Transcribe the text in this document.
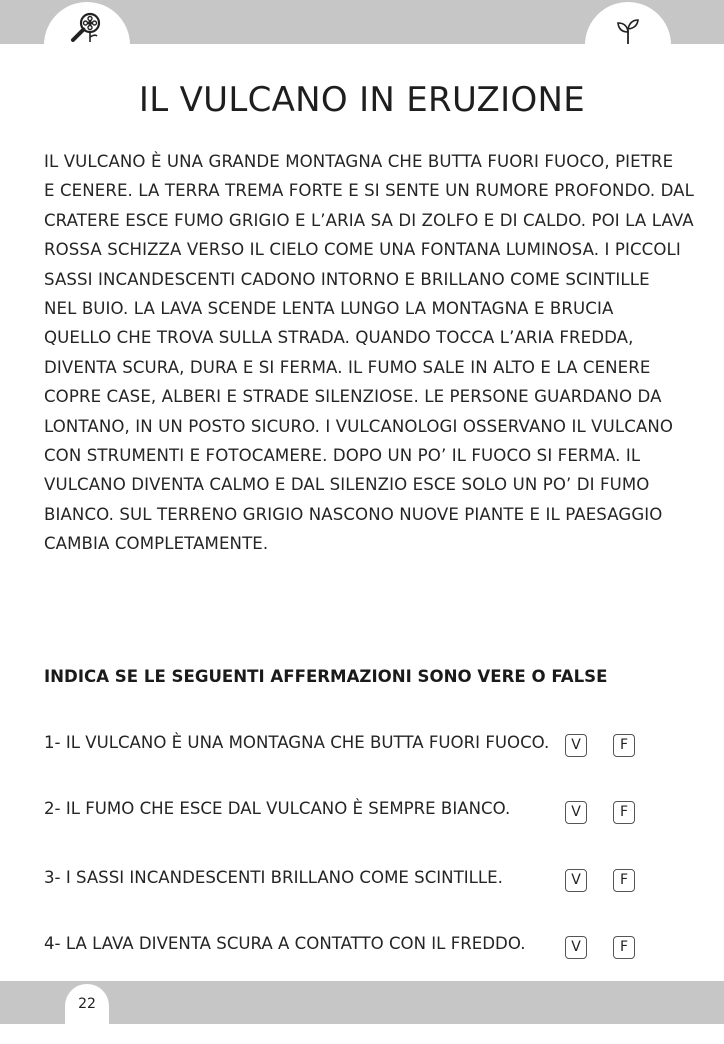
IL VULCANO IN ERUZIONE
IL VULCANO È UNA GRANDE MONTAGNA CHE BUTTA FUORI FUOCO, PIETRE
E CENERE. LA TERRA TREMA FORTE E SI SENTE UN RUMORE PROFONDO. DAL
CRATERE ESCE FUMO GRIGIO E L’ARIA SA DI ZOLFO E DI CALDO. POI LA LAVA
ROSSA SCHIZZA VERSO IL CIELO COME UNA FONTANA LUMINOSA. I PICCOLI
SASSI INCANDESCENTI CADONO INTORNO E BRILLANO COME SCINTILLE
NEL BUIO. LA LAVA SCENDE LENTA LUNGO LA MONTAGNA E BRUCIA
QUELLO CHE TROVA SULLA STRADA. QUANDO TOCCA L’ARIA FREDDA,
DIVENTA SCURA, DURA E SI FERMA. IL FUMO SALE IN ALTO E LA CENERE
COPRE CASE, ALBERI E STRADE SILENZIOSE. LE PERSONE GUARDANO DA
LONTANO, IN UN POSTO SICURO. I VULCANOLOGI OSSERVANO IL VULCANO
CON STRUMENTI E FOTOCAMERE. DOPO UN PO’ IL FUOCO SI FERMA. IL
VULCANO DIVENTA CALMO E DAL SILENZIO ESCE SOLO UN PO’ DI FUMO
BIANCO. SUL TERRENO GRIGIO NASCONO NUOVE PIANTE E IL PAESAGGIO
CAMBIA COMPLETAMENTE.
INDICA SE LE SEGUENTI AFFERMAZIONI SONO VERE O FALSE
1- IL VULCANO È UNA MONTAGNA CHE BUTTA FUORI FUOCO.	V	F
2- IL FUMO CHE ESCE DAL VULCANO È SEMPRE BIANCO.	V	F
3- I SASSI INCANDESCENTI BRILLANO COME SCINTILLE.	V	F
4- LA LAVA DIVENTA SCURA A CONTATTO CON IL FREDDO.	V	F
22
